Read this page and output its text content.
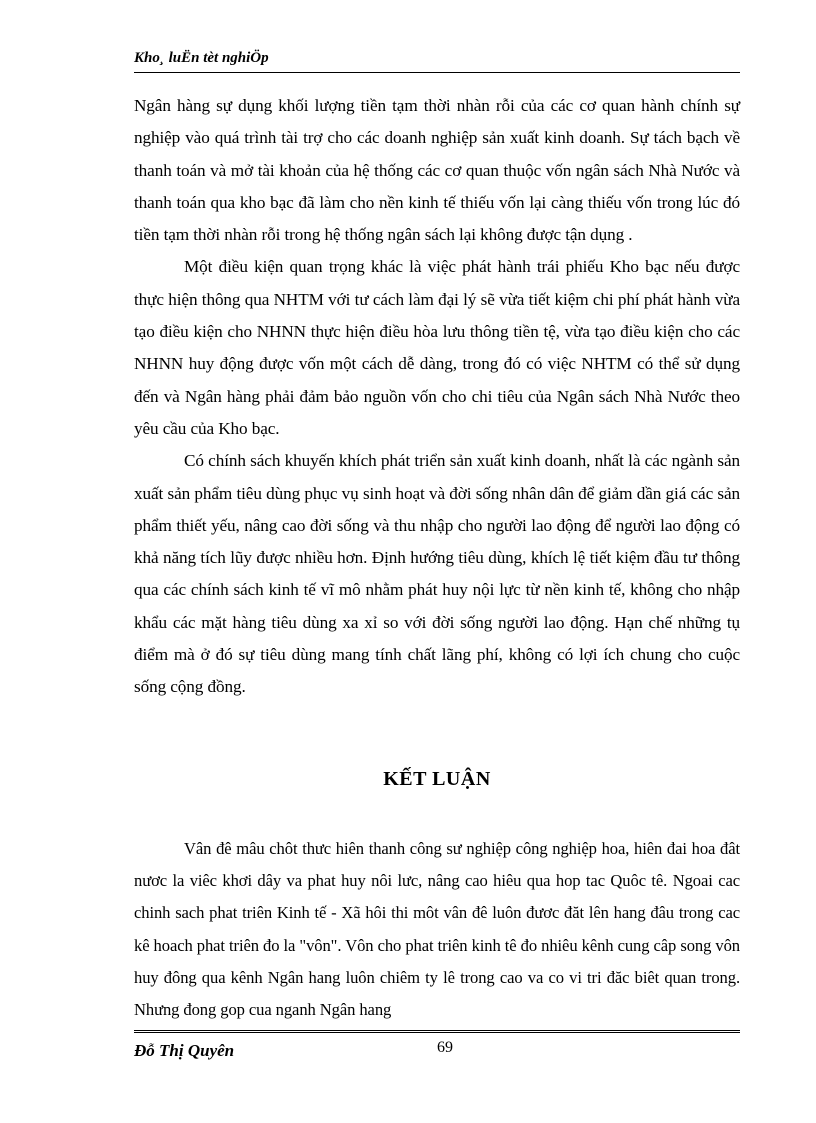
Kho¸ luËn tèt nghiÖp

Ngân hàng sự dụng khối lượng tiền tạm thời nhàn rỗi của các cơ quan hành chính sự nghiệp vào quá trình tài trợ cho các doanh nghiệp sản xuất kinh doanh. Sự tách bạch về thanh toán và mở tài khoản của hệ thống các cơ quan thuộc vốn ngân sách Nhà Nước và thanh toán qua kho bạc đã làm cho nền kinh tế thiếu vốn lại càng thiếu vốn trong lúc đó tiền tạm thời nhàn rỗi trong hệ thống ngân sách lại không được tận dụng .

Một điều kiện quan trọng khác là việc phát hành trái phiếu Kho bạc nếu được thực hiện thông qua NHTM với tư cách làm đại lý sẽ vừa tiết kiệm chi phí phát hành vừa tạo điều kiện cho NHNN thực hiện điều hòa lưu thông tiền tệ, vừa tạo điều kiện cho các NHNN huy động được vốn một cách dễ dàng, trong đó có việc NHTM có thể sử dụng đến và Ngân hàng phải đảm bảo nguồn vốn cho chi tiêu của Ngân sách Nhà Nước theo yêu cầu của Kho bạc.

Có chính sách khuyến khích phát triển sản xuất kinh doanh, nhất là các ngành sản xuất sản phẩm tiêu dùng phục vụ sinh hoạt và đời sống nhân dân để giảm dần giá các sản phẩm thiết yếu, nâng cao đời sống và thu nhập cho người lao động để người lao động có khả năng tích lũy được nhiều hơn. Định hướng tiêu dùng, khích lệ tiết kiệm đầu tư thông qua các chính sách kinh tế vĩ mô nhằm phát huy nội lực từ nền kinh tế, không cho nhập khẩu các mặt hàng tiêu dùng xa xỉ so với đời sống người lao động. Hạn chế những tụ điểm mà ở đó sự tiêu dùng mang tính chất lãng phí, không có lợi ích chung cho cuộc sống cộng đồng.

KẾT LUẬN

Vân đê mâu chôt thưc hiên thanh công sư nghiệp công nghiệp hoa, hiên đai hoa đât nươc la viêc khơi dây va phat huy nôi lưc, nâng cao hiêu qua hop tac Quôc tê. Ngoai cac chinh sach phat triên Kinh tế - Xã hôi thi môt vân đê luôn đươc đăt lên hang đâu trong cac kê hoach phat triên đo la "vôn". Vôn cho phat triên kinh tê đo nhiêu kênh cung câp song vôn huy đông qua kênh Ngân hang luôn chiêm ty lê trong cao va co vi tri đăc biêt quan trong. Nhưng đong gop cua nganh Ngân hang

Đỗ Thị Quyên	69
